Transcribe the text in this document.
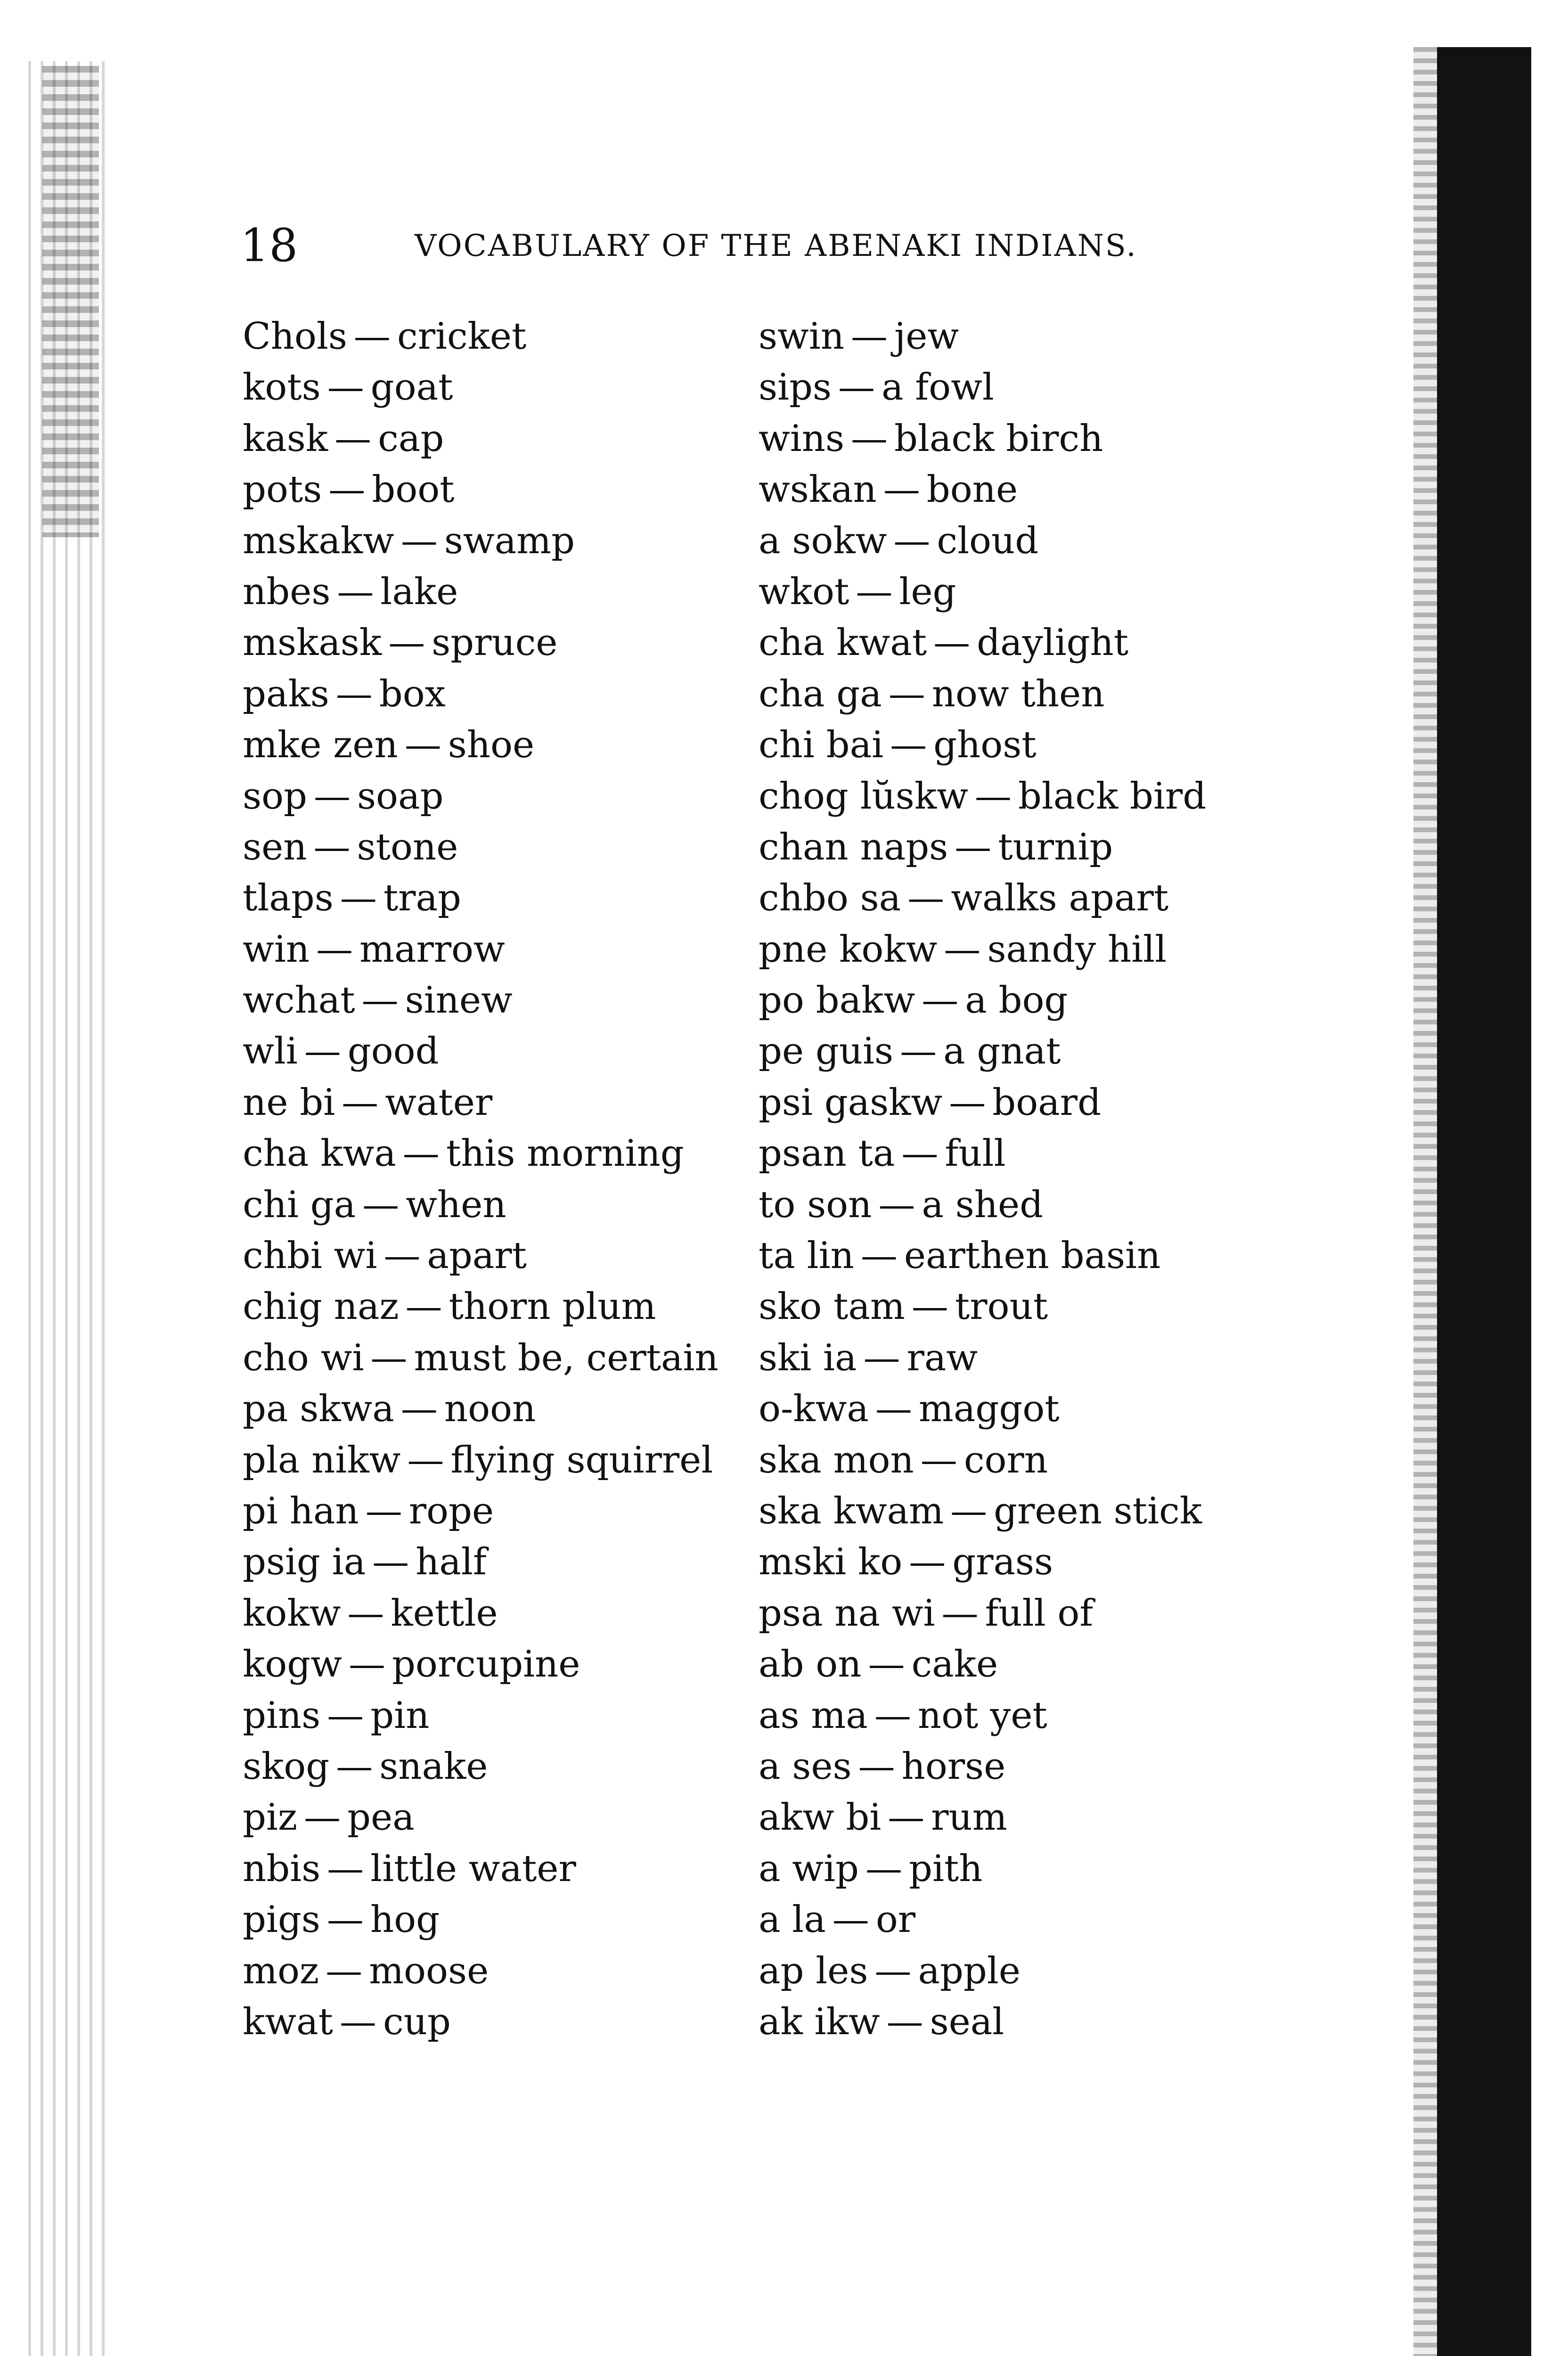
18	VOCABULARY OF THE ABENAKI INDIANS.
Chols — cricket
kots — goat
kask — cap
pots — boot
mskakw — swamp
nbes — lake
mskask — spruce
paks — box
mke zen — shoe
sop — soap
sen — stone
tlaps — trap
win — marrow
wchat — sinew
wli — good
ne bi — water
cha kwa — this morning
chi ga — when
chbi wi — apart
chig naz — thorn plum
cho wi — must be, certain
pa skwa — noon
pla nikw — flying squirrel
pi han — rope
psig ia — half
kokw — kettle
kogw — porcupine
pins — pin
skog — snake
piz — pea
nbis — little water
pigs — hog
moz — moose
kwat — cup
swin — jew
sips — a fowl
wins — black birch
wskan — bone
a sokw — cloud
wkot — leg
cha kwat — daylight
cha ga — now then
chi bai — ghost
chog lŭskw — black bird
chan naps — turnip
chbo sa — walks apart
pne kokw — sandy hill
po bakw — a bog
pe guis — a gnat
psi gaskw — board
psan ta — full
to son — a shed
ta lin — earthen basin
sko tam — trout
ski ia — raw
o-kwa — maggot
ska mon — corn
ska kwam — green stick
mski ko — grass
psa na wi — full of
ab on — cake
as ma — not yet
a ses — horse
akw bi — rum
a wip — pith
a la — or
ap les — apple
ak ikw — seal
